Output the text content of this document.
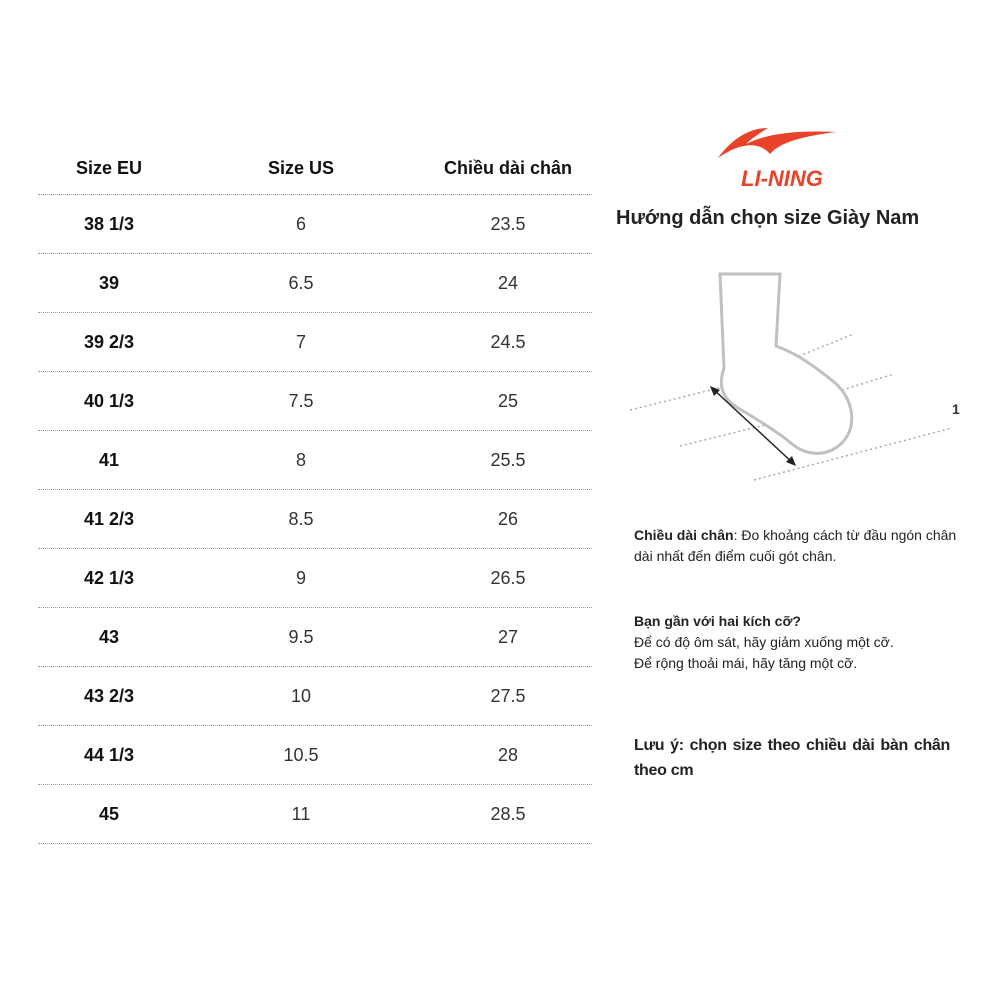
Size EU	Size US	Chiều dài chân
38 1/3	6	23.5
39	6.5	24
39 2/3	7	24.5
40 1/3	7.5	25
41	8	25.5
41 2/3	8.5	26
42 1/3	9	26.5
43	9.5	27
43 2/3	10	27.5
44 1/3	10.5	28
45	11	28.5
LI-NING
Hướng dẫn chọn size Giày Nam
1
Chiều dài chân: Đo khoảng cách từ đầu ngón chân dài nhất đến điểm cuối gót chân.
Bạn gần với hai kích cỡ?
Để có độ ôm sát, hãy giảm xuống một cỡ.
Để rộng thoải mái, hãy tăng một cỡ.
Lưu ý: chọn size theo chiều dài bàn chân theo cm
